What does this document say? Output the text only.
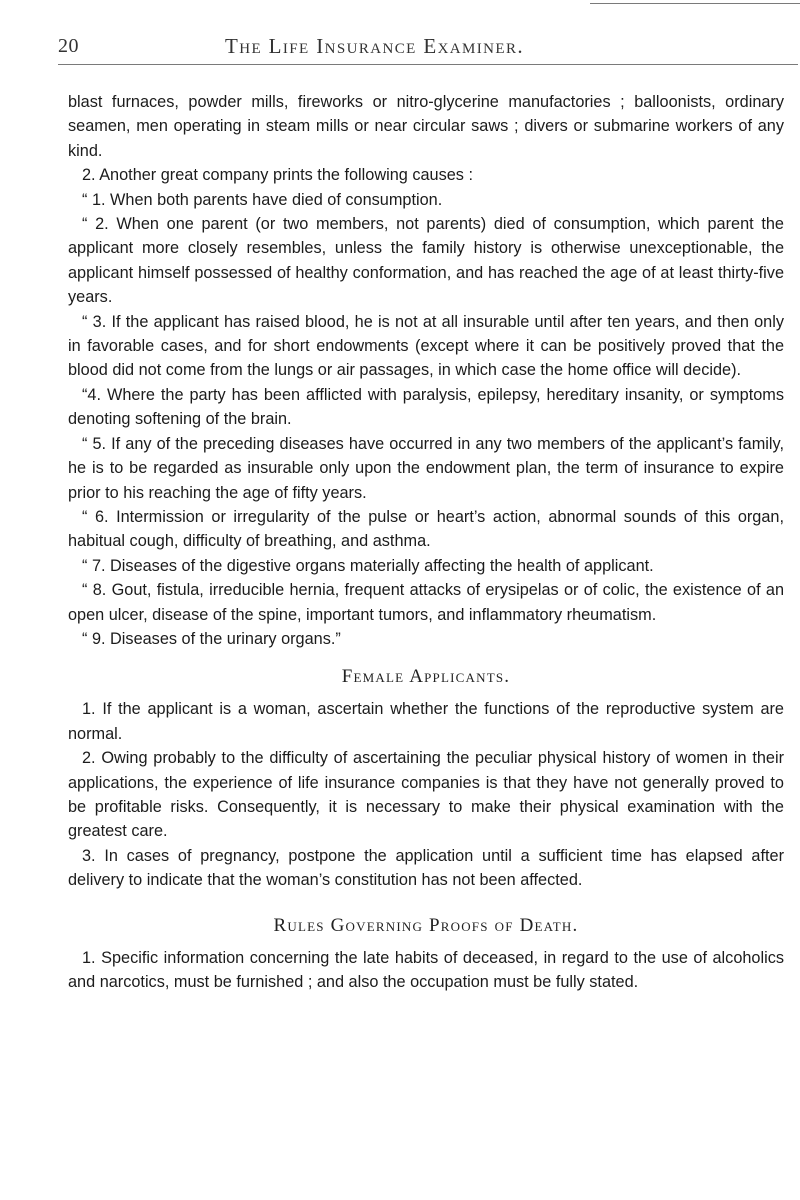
20	The Life Insurance Examiner.

blast furnaces, powder mills, fireworks or nitro-glycerine manufactories ; balloonists, ordinary seamen, men operating in steam mills or near circular saws ; divers or submarine workers of any kind.

2. Another great company prints the following causes :

“ 1. When both parents have died of consumption.

“ 2. When one parent (or two members, not parents) died of consumption, which parent the applicant more closely resembles, unless the family history is otherwise unexceptionable, the applicant himself possessed of healthy conformation, and has reached the age of at least thirty-five years.

“ 3. If the applicant has raised blood, he is not at all insurable until after ten years, and then only in favorable cases, and for short endowments (except where it can be positively proved that the blood did not come from the lungs or air passages, in which case the home office will decide).

“4. Where the party has been afflicted with paralysis, epilepsy, hereditary insanity, or symptoms denoting softening of the brain.

“ 5. If any of the preceding diseases have occurred in any two members of the applicant’s family, he is to be regarded as insurable only upon the endowment plan, the term of insurance to expire prior to his reaching the age of fifty years.

“ 6. Intermission or irregularity of the pulse or heart’s action, abnormal sounds of this organ, habitual cough, difficulty of breathing, and asthma.

“ 7. Diseases of the digestive organs materially affecting the health of applicant.

“ 8. Gout, fistula, irreducible hernia, frequent attacks of erysipelas or of colic, the existence of an open ulcer, disease of the spine, important tumors, and inflammatory rheumatism.

“ 9. Diseases of the urinary organs.”

Female Applicants.

1. If the applicant is a woman, ascertain whether the functions of the reproductive system are normal.

2. Owing probably to the difficulty of ascertaining the peculiar physical history of women in their applications, the experience of life insurance companies is that they have not generally proved to be profitable risks. Consequently, it is necessary to make their physical examination with the greatest care.

3. In cases of pregnancy, postpone the application until a sufficient time has elapsed after delivery to indicate that the woman’s constitution has not been affected.

Rules Governing Proofs of Death.

1. Specific information concerning the late habits of deceased, in regard to the use of alcoholics and narcotics, must be furnished ; and also the occupation must be fully stated.
